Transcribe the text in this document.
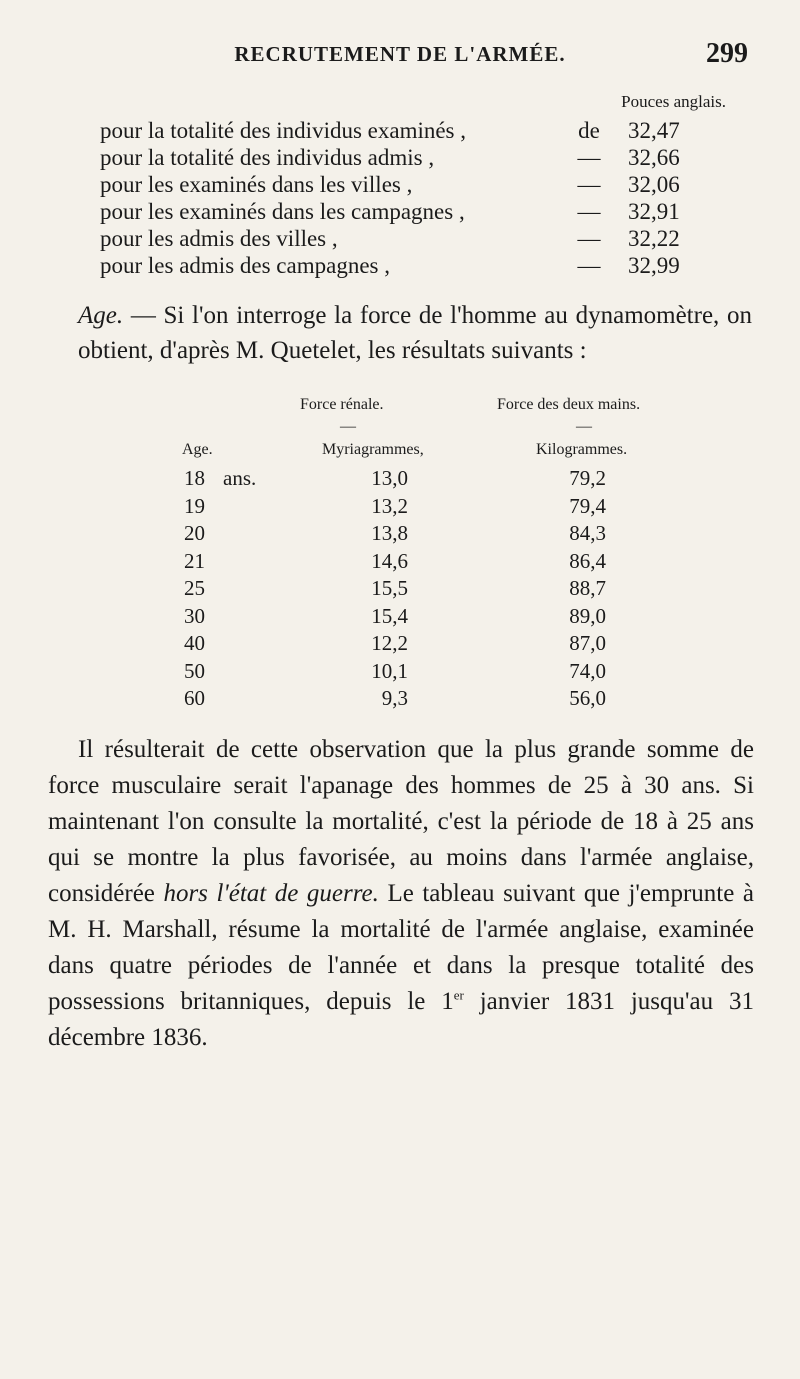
RECRUTEMENT DE L'ARMÉE.	299
Pouces anglais.
pour la totalité des individus examinés ,	de	32,47
pour la totalité des individus admis ,	—	32,66
pour les examinés dans les villes ,	—	32,06
pour les examinés dans les campagnes ,	—	32,91
pour les admis des villes ,	—	32,22
pour les admis des campagnes ,	—	32,99
Age. — Si l'on interroge la force de l'homme au dynamomètre, on obtient, d'après M. Quetelet, les résultats suivants :
Force rénale.	Force des deux mains.
—	—
Age.	Myriagrammes,	Kilogrammes.
18 ans.	13,0	79,2
19	13,2	79,4
20	13,8	84,3
21	14,6	86,4
25	15,5	88,7
30	15,4	89,0
40	12,2	87,0
50	10,1	74,0
60	9,3	56,0

Il résulterait de cette observation que la plus grande somme de force musculaire serait l'apanage des hommes de 25 à 30 ans. Si maintenant l'on consulte la mortalité, c'est la période de 18 à 25 ans qui se montre la plus favorisée, au moins dans l'armée anglaise, considérée hors l'état de guerre. Le tableau suivant que j'emprunte à M. H. Marshall, résume la mortalité de l'armée anglaise, examinée dans quatre périodes de l'année et dans la presque totalité des possessions britanniques, depuis le 1er janvier 1831 jusqu'au 31 décembre 1836.
